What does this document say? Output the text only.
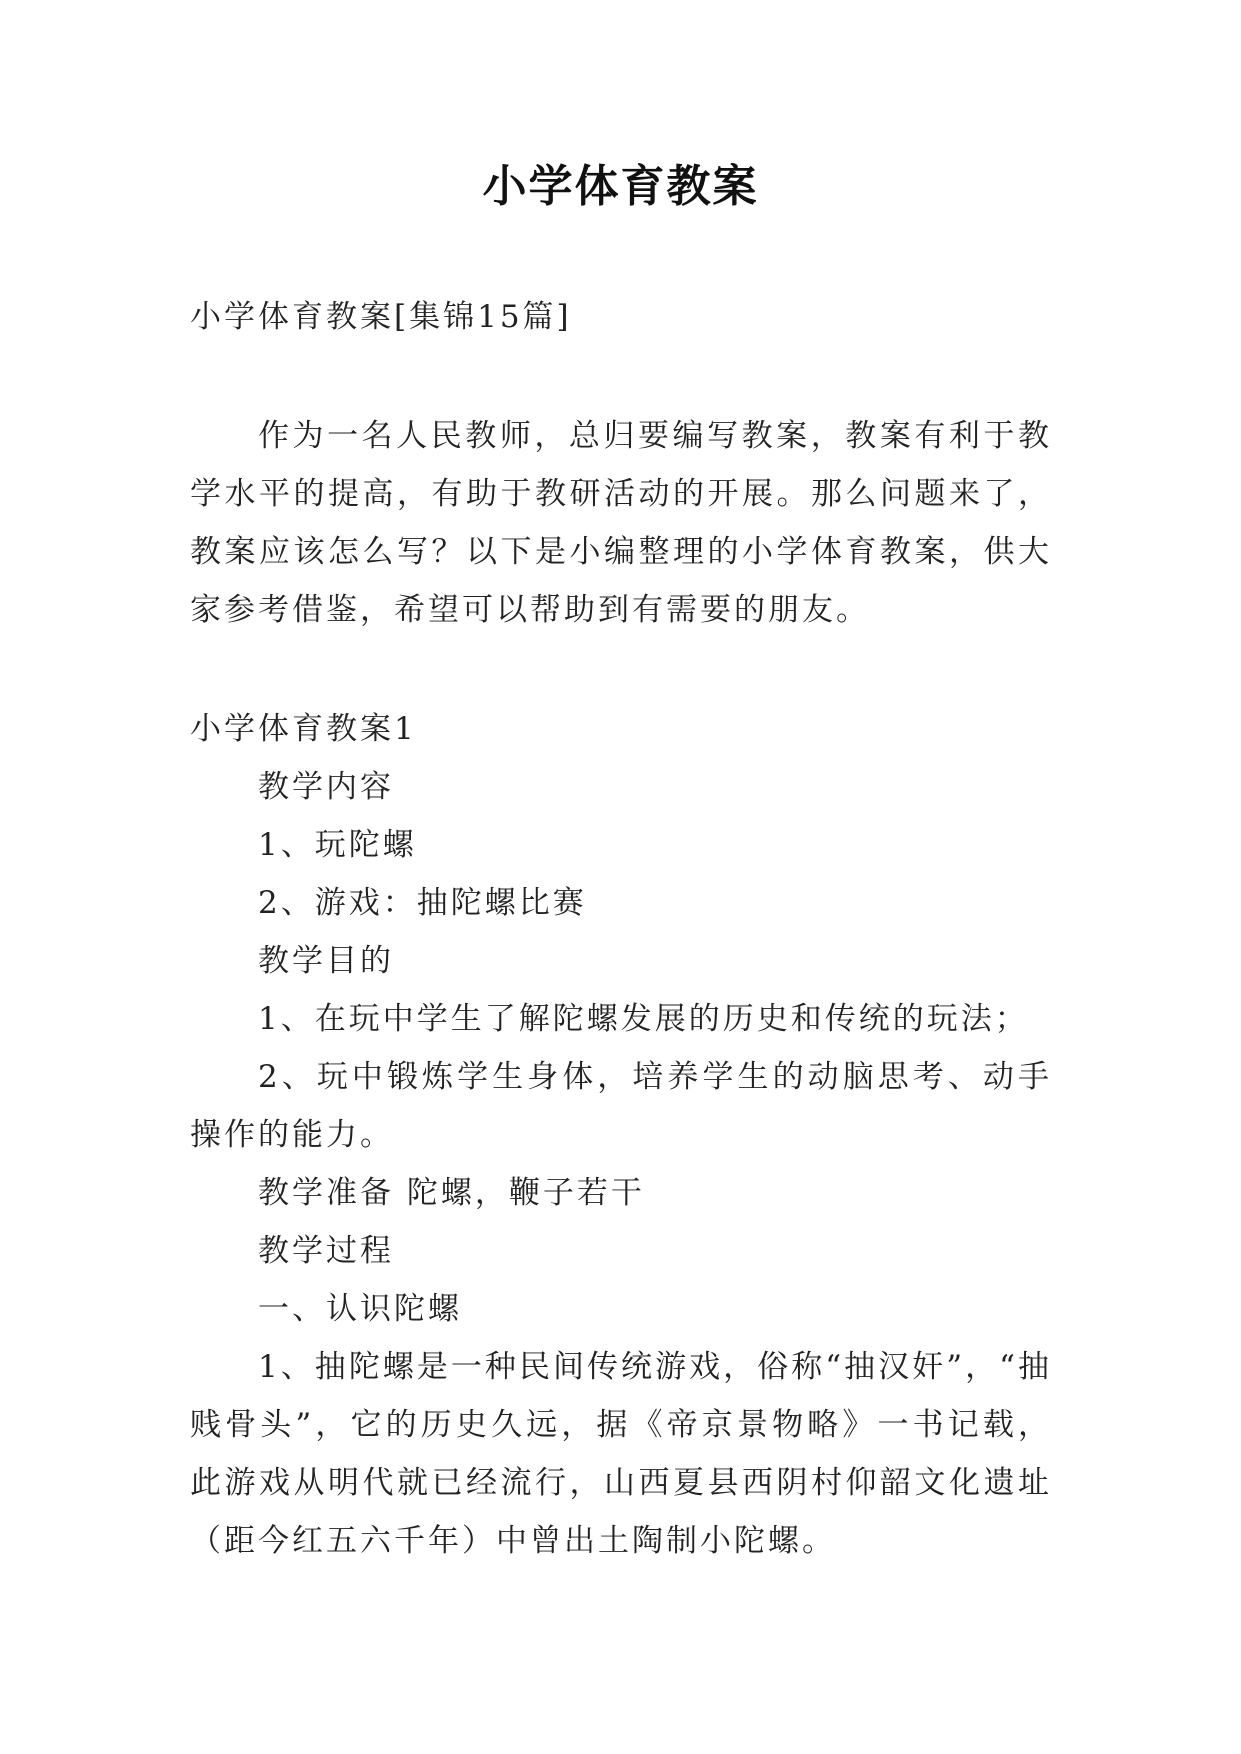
小学体育教案
小学体育教案[集锦15篇]
作为一名人民教师，总归要编写教案，教案有利于教学水平的提高，有助于教研活动的开展。那么问题来了，教案应该怎么写？以下是小编整理的小学体育教案，供大家参考借鉴，希望可以帮助到有需要的朋友。

小学体育教案1

教学内容

1、玩陀螺

2、游戏：抽陀螺比赛

教学目的

1、在玩中学生了解陀螺发展的历史和传统的玩法；

2、玩中锻炼学生身体，培养学生的动脑思考、动手操作的能力。

教学准备 陀螺，鞭子若干

教学过程

一、认识陀螺

1、抽陀螺是一种民间传统游戏，俗称“抽汉奸”，“抽贱骨头”，它的历史久远，据《帝京景物略》一书记载，此游戏从明代就已经流行，山西夏县西阴村仰韶文化遗址（距今红五六千年）中曾出土陶制小陀螺。
